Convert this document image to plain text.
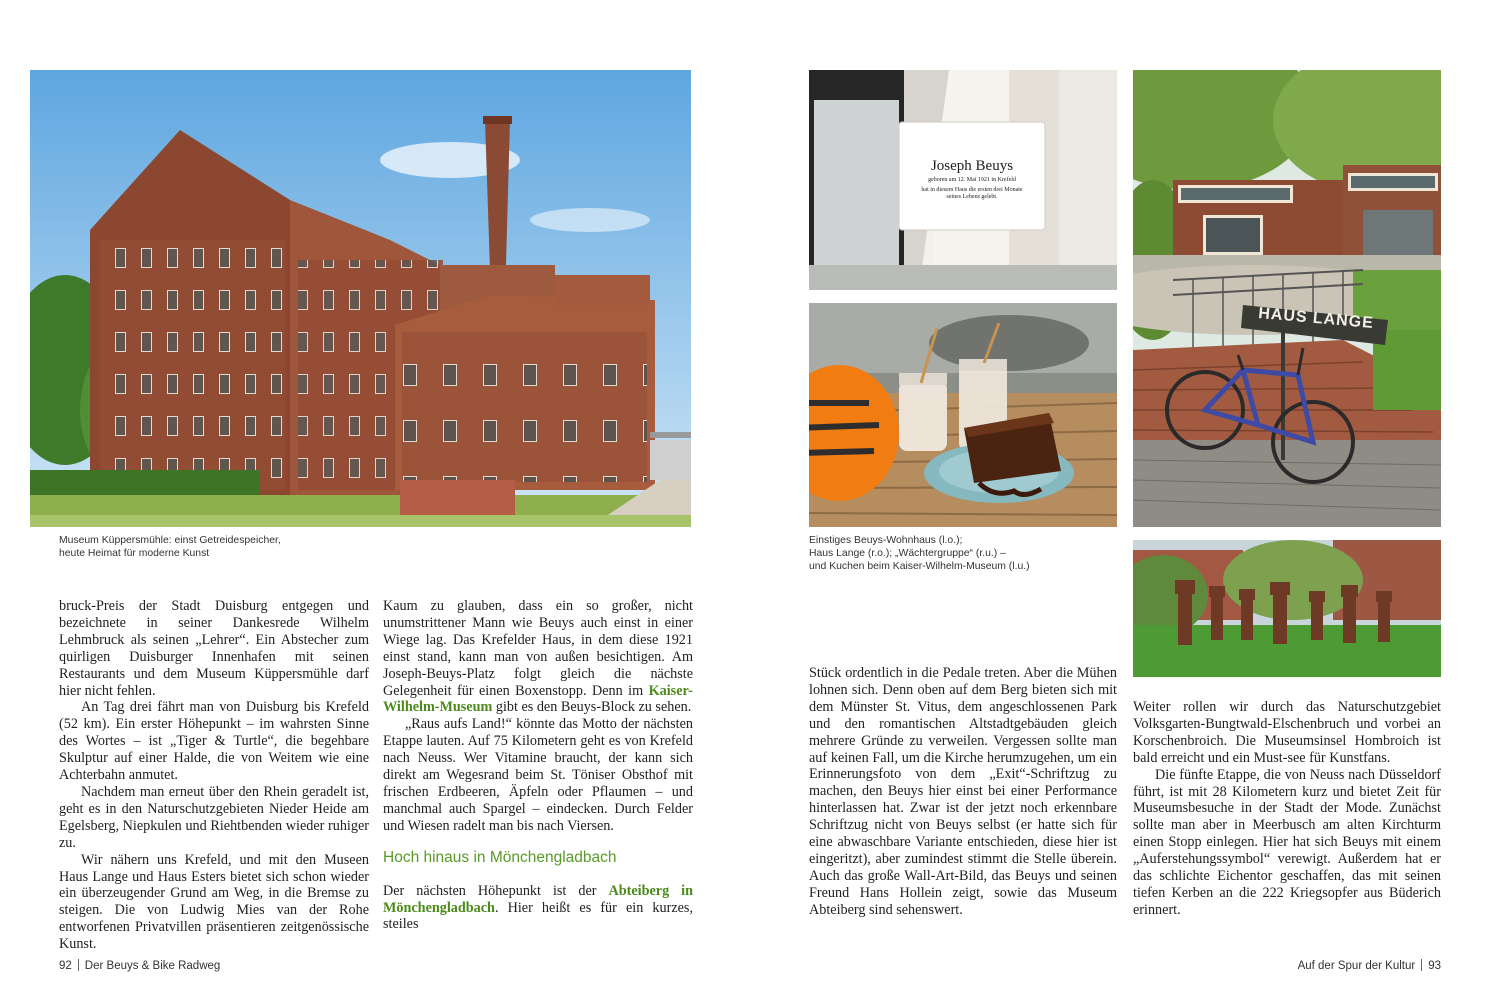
Museum Küppersmühle: einst Getreidespeicher,
heute Heimat für moderne Kunst

bruck-Preis der Stadt Duisburg entgegen und bezeichnete in seiner Dankesrede Wilhelm Lehmbruck als seinen „Lehrer“. Ein Abstecher zum quirligen Duisburger Innenhafen mit seinen Restaurants und dem Museum Küppersmühle darf hier nicht fehlen.

An Tag drei fährt man von Duisburg bis Krefeld (52 km). Ein erster Höhepunkt – im wahrsten Sinne des Wortes – ist „Tiger & Turtle“, die begehbare Skulptur auf einer Halde, die von Weitem wie eine Achterbahn anmutet.

Nachdem man erneut über den Rhein geradelt ist, geht es in den Naturschutzgebieten Nieder Heide am Egelsberg, Niepkulen und Riehtbenden wieder ruhiger zu.

Wir nähern uns Krefeld, und mit den Museen Haus Lange und Haus Esters bietet sich schon wieder ein überzeugender Grund am Weg, in die Bremse zu steigen. Die von Ludwig Mies van der Rohe entworfenen Privatvillen präsentieren zeitgenössische Kunst.

Kaum zu glauben, dass ein so großer, nicht unumstrittener Mann wie Beuys auch einst in einer Wiege lag. Das Krefelder Haus, in dem diese 1921 einst stand, kann man von außen besichtigen. Am Joseph-Beuys-Platz folgt gleich die nächste Gelegenheit für einen Boxenstopp. Denn im Kaiser-Wilhelm-Museum gibt es den Beuys-Block zu sehen.

„Raus aufs Land!“ könnte das Motto der nächsten Etappe lauten. Auf 75 Kilometern geht es von Krefeld nach Neuss. Wer Vitamine braucht, der kann sich direkt am Wegesrand beim St. Töniser Obsthof mit frischen Erdbeeren, Äpfeln oder Pflaumen – und manchmal auch Spargel – eindecken. Durch Felder und Wiesen radelt man bis nach Viersen.

Hoch hinaus in Mönchengladbach

Der nächsten Höhepunkt ist der Abteiberg in Mönchengladbach. Hier heißt es für ein kurzes, steiles

92 Der Beuys & Bike Radweg
Joseph Beuys
geboren am 12. Mai 1921 in Krefeld
hat in diesem Haus die ersten drei Monate
seines Lebens gelebt.
HAUS LANGE
Einstiges Beuys-Wohnhaus (l.o.);
Haus Lange (r.o.); „Wächtergruppe“ (r.u.) –
und Kuchen beim Kaiser-Wilhelm-Museum (l.u.)

Stück ordentlich in die Pedale treten. Aber die Mühen lohnen sich. Denn oben auf dem Berg bieten sich mit dem Münster St. Vitus, dem angeschlossenen Park und den romantischen Altstadtgebäuden gleich mehrere Gründe zu verweilen. Vergessen sollte man auf keinen Fall, um die Kirche herumzugehen, um ein Erinnerungsfoto von dem „Exit“-Schriftzug zu machen, den Beuys hier einst bei einer Performance hinterlassen hat. Zwar ist der jetzt noch erkennbare Schriftzug nicht von Beuys selbst (er hatte sich für eine abwaschbare Variante entschieden, diese hier ist eingeritzt), aber zumindest stimmt die Stelle überein. Auch das große Wall-Art-Bild, das Beuys und seinen Freund Hans Hollein zeigt, sowie das Museum Abteiberg sind sehenswert.

Weiter rollen wir durch das Naturschutzgebiet Volksgarten-Bungtwald-Elschenbruch und vorbei an Korschenbroich. Die Museumsinsel Hombroich ist bald erreicht und ein Must-see für Kunstfans.

Die fünfte Etappe, die von Neuss nach Düsseldorf führt, ist mit 28 Kilometern kurz und bietet Zeit für Museumsbesuche in der Stadt der Mode. Zunächst sollte man aber in Meerbusch am alten Kirchturm einen Stopp einlegen. Hier hat sich Beuys mit einem „Auferstehungssymbol“ verewigt. Außerdem hat er das schlichte Eichentor geschaffen, das mit seinen tiefen Kerben an die 222 Kriegsopfer aus Büderich erinnert.

Auf der Spur der Kultur 93
